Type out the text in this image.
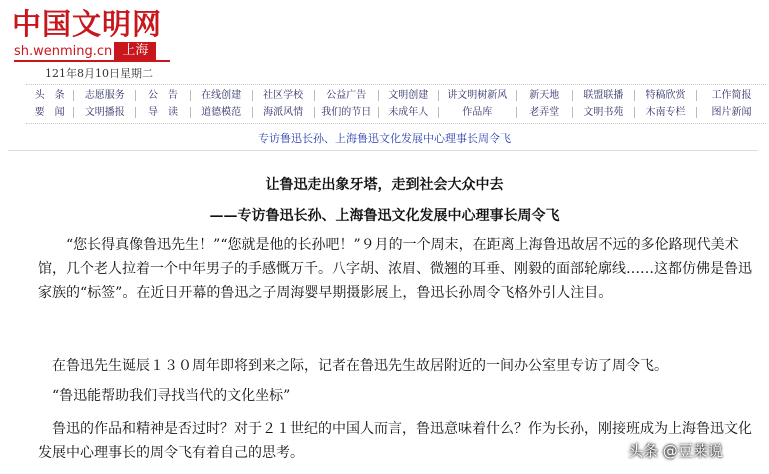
中国文明网
sh.wenming.cn 上海
121年8月10日星期二
头　条	志愿服务	公　告	在线创建	社区学校	公益广告	文明创建	讲文明树新风	新天地	联盟联播	特稿欣赏	工作简报
要　闻	文明播报	导　读	道德模范	海派风情	我们的节日	未成年人	作品库	老弄堂	文明书苑	木南专栏	图片新闻
专访鲁迅长孙、上海鲁迅文化发展中心理事长周令飞
让鲁迅走出象牙塔，走到社会大众中去
——专访鲁迅长孙、上海鲁迅文化发展中心理事长周令飞

“您长得真像鲁迅先生！”“您就是他的长孙吧！”９月的一个周末，在距离上海鲁迅故居不远的多伦路现代美术馆，几个老人拉着一个中年男子的手感慨万千。八字胡、浓眉、微翘的耳垂、刚毅的面部轮廓线……这都仿佛是鲁迅家族的“标签”。在近日开幕的鲁迅之子周海婴早期摄影展上，鲁迅长孙周令飞格外引人注目。

在鲁迅先生诞辰１３０周年即将到来之际，记者在鲁迅先生故居附近的一间办公室里专访了周令飞。

“鲁迅能帮助我们寻找当代的文化坐标”

鲁迅的作品和精神是否过时？对于２１世纪的中国人而言，鲁迅意味着什么？作为长孙，刚接班成为上海鲁迅文化发展中心理事长的周令飞有着自己的思考。	头条 @豆莱说
